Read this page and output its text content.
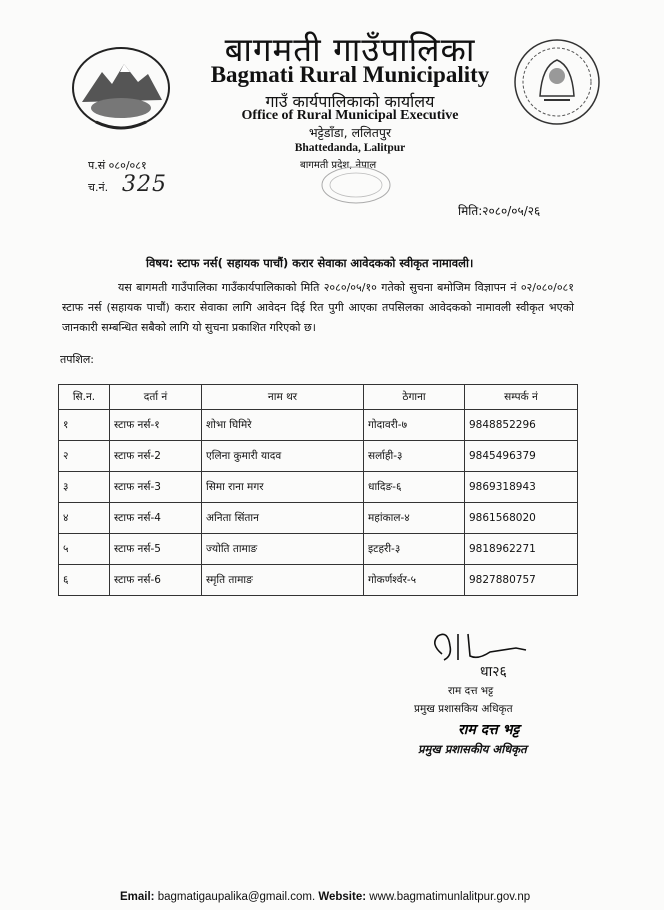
बागमती गाउँपालिका
Bagmati Rural Municipality
गाउँ कार्यपालिकाको कार्यालय
Office of Rural Municipal Executive
भट्टेडाँडा, ललितपुर
Bhattedanda, Lalitpur
बागमती प्रदेश, नेपाल
प.सं ०८०/०८१
च.नं. 325
मिति:२०८०/०५/२६
विषय: स्टाफ नर्स( सहायक पाचौं) करार सेवाका आवेदकको स्वीकृत नामावली।
यस बागमती गाउँपालिका गाउँकार्यपालिकाको मिति २०८०/०५/१० गतेको सुचना बमोजिम विज्ञापन नं ०२/०८०/०८१ स्टाफ नर्स (सहायक पाचौं) करार सेवाका लागि आवेदन दिई रित पुगी आएका तपसिलका आवेदकको नामावली स्वीकृत भएको जानकारी सम्बन्धित सबैको लागि यो सुचना प्रकाशित गरिएको छ।
तपशिल:
सि.न.	दर्ता नं	नाम थर	ठेगाना	सम्पर्क नं
१	स्टाफ नर्स-१	शोभा घिमिरे	गोदावरी-७	9848852296
२	स्टाफ नर्स-2	एलिना कुमारी यादव	सर्लाही-३	9845496379
३	स्टाफ नर्स-3	सिमा राना मगर	धादिङ-६	9869318943
४	स्टाफ नर्स-4	अनिता सिंतान	महांकाल-४	9861568020
५	स्टाफ नर्स-5	ज्योति तामाङ	इटहरी-३	9818962271
६	स्टाफ नर्स-6	स्मृति तामाङ	गोकर्णर्श्वर-५	9827880757
धा२६
राम दत्त भट्ट
प्रमुख प्रशासकिय अधिकृत
राम दत्त भट्ट
प्रमुख प्रशासकीय अधिकृत
Email: bagmatigaupalika@gmail.com. Website: www.bagmatimunlalitpur.gov.np
